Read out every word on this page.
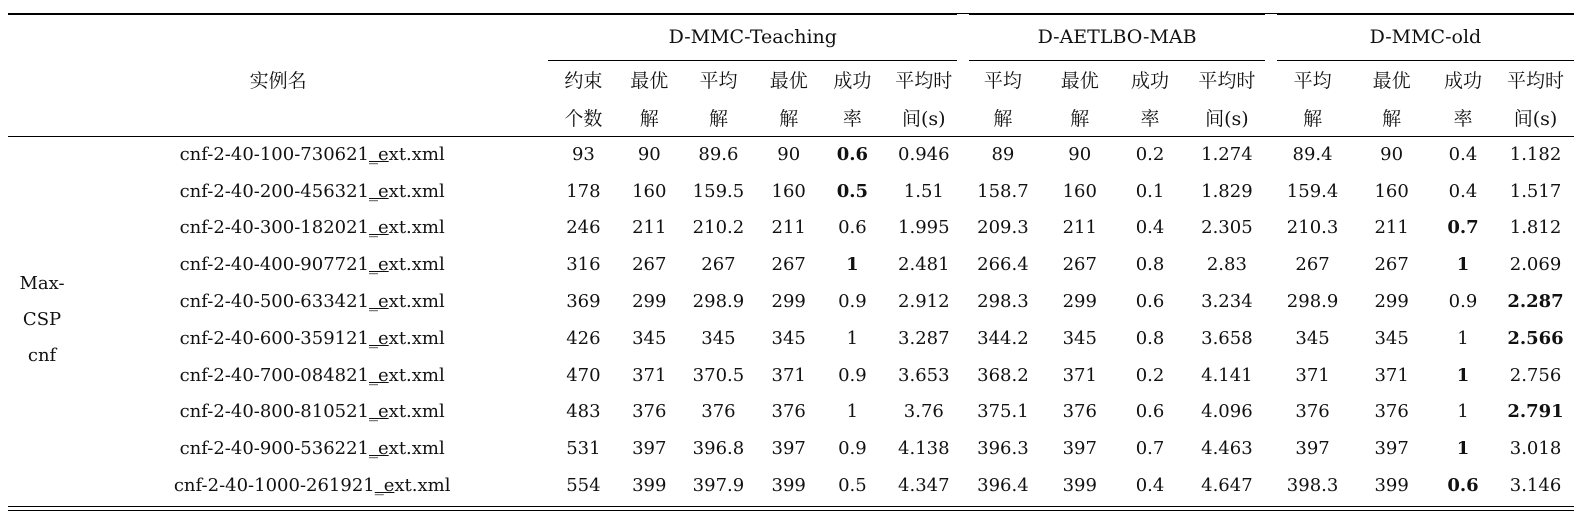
实例名		D-MMC-Teaching						D-AETLBO-MAB				D-MMC-old			
		约束	最优	平均	最优	成功	平均时	平均	最优	成功	平均时	平均	最优	成功	平均时
		个数	解	解	解	率	间(s)	解	解	率	间(s)	解	解	率	间(s)

Max-
CSP
cnf	cnf-2-40-100-730621_ext.xml	93	90	89.6	90	0.6	0.946	89	90	0.2	1.274	89.4	90	0.4	1.182
	cnf-2-40-200-456321_ext.xml	178	160	159.5	160	0.5	1.51	158.7	160	0.1	1.829	159.4	160	0.4	1.517
	cnf-2-40-300-182021_ext.xml	246	211	210.2	211	0.6	1.995	209.3	211	0.4	2.305	210.3	211	0.7	1.812
	cnf-2-40-400-907721_ext.xml	316	267	267	267	1	2.481	266.4	267	0.8	2.83	267	267	1	2.069
	cnf-2-40-500-633421_ext.xml	369	299	298.9	299	0.9	2.912	298.3	299	0.6	3.234	298.9	299	0.9	2.287
	cnf-2-40-600-359121_ext.xml	426	345	345	345	1	3.287	344.2	345	0.8	3.658	345	345	1	2.566
	cnf-2-40-700-084821_ext.xml	470	371	370.5	371	0.9	3.653	368.2	371	0.2	4.141	371	371	1	2.756
	cnf-2-40-800-810521_ext.xml	483	376	376	376	1	3.76	375.1	376	0.6	4.096	376	376	1	2.791
	cnf-2-40-900-536221_ext.xml	531	397	396.8	397	0.9	4.138	396.3	397	0.7	4.463	397	397	1	3.018
	cnf-2-40-1000-261921_ext.xml	554	399	397.9	399	0.5	4.347	396.4	399	0.4	4.647	398.3	399	0.6	3.146
